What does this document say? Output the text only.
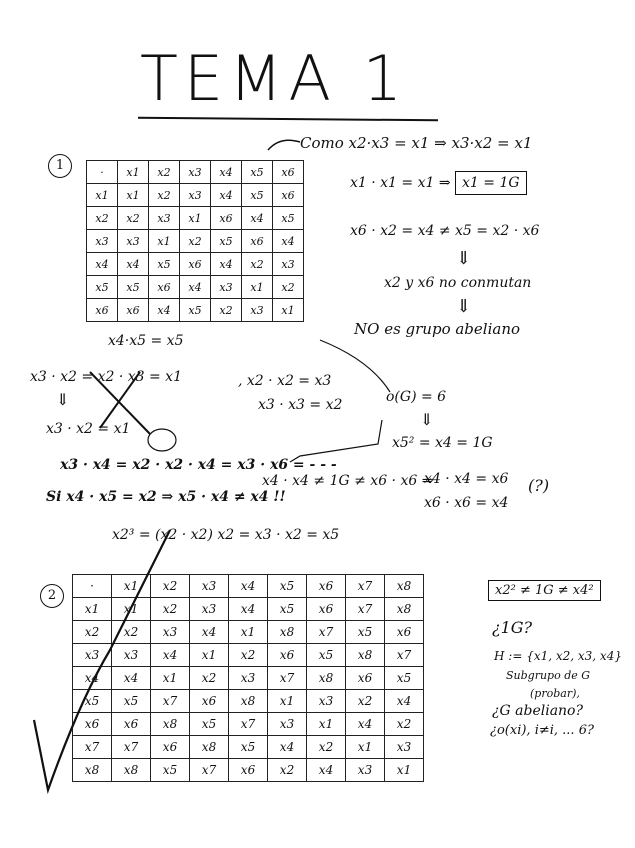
TEMA 1
1
Como x2·x3 = x1 ⇒ x3·x2 = x1
·	x1	x2	x3	x4	x5	x6
x1	x1	x2	x3	x4	x5	x6
x2	x2	x3	x1	x6	x4	x5
x3	x3	x1	x2	x5	x6	x4
x4	x4	x5	x6	x4	x2	x3
x5	x5	x6	x4	x3	x1	x2
x6	x6	x4	x5	x2	x3	x1
x4·x5 = x5
x1 · x1 = x1 ⇒ x1 = 1G
x6 · x2 = x4 ≠ x5 = x2 · x6
⇓
x2 y x6 no conmutan
⇓
NO es grupo abeliano
x3 · x2 = x2 · x3 = x1
⇓
x3 · x2 = x1
, x2 · x2 = x3
x3 · x3 = x2	o(G) = 6
⇓
x5² = x4 = 1G
x3 · x4 = x2 · x2 · x4 = x3 · x6 = - - -
x4 · x4 ≠ 1G ≠ x6 · x6 ⇒
x4 · x4 = x6
x6 · x6 = x4
(?)
Si x4 · x5 = x2 ⇒ x5 · x4 ≠ x4 !!
x2³ = (x2 · x2) x2 = x3 · x2 = x5
2
·	x1	x2	x3	x4	x5	x6	x7	x8
x1	x1	x2	x3	x4	x5	x6	x7	x8
x2	x2	x3	x4	x1	x8	x7	x5	x6
x3	x3	x4	x1	x2	x6	x5	x8	x7
x4	x4	x1	x2	x3	x7	x8	x6	x5
x5	x5	x7	x6	x8	x1	x3	x2	x4
x6	x6	x8	x5	x7	x3	x1	x4	x2
x7	x7	x6	x8	x5	x4	x2	x1	x3
x8	x8	x5	x7	x6	x2	x4	x3	x1
x2² ≠ 1G ≠ x4²
¿1G?
H := {x1, x2, x3, x4}
Subgrupo de G
(probar),
¿G abeliano?
¿o(xi), i≠i, ... 6?
